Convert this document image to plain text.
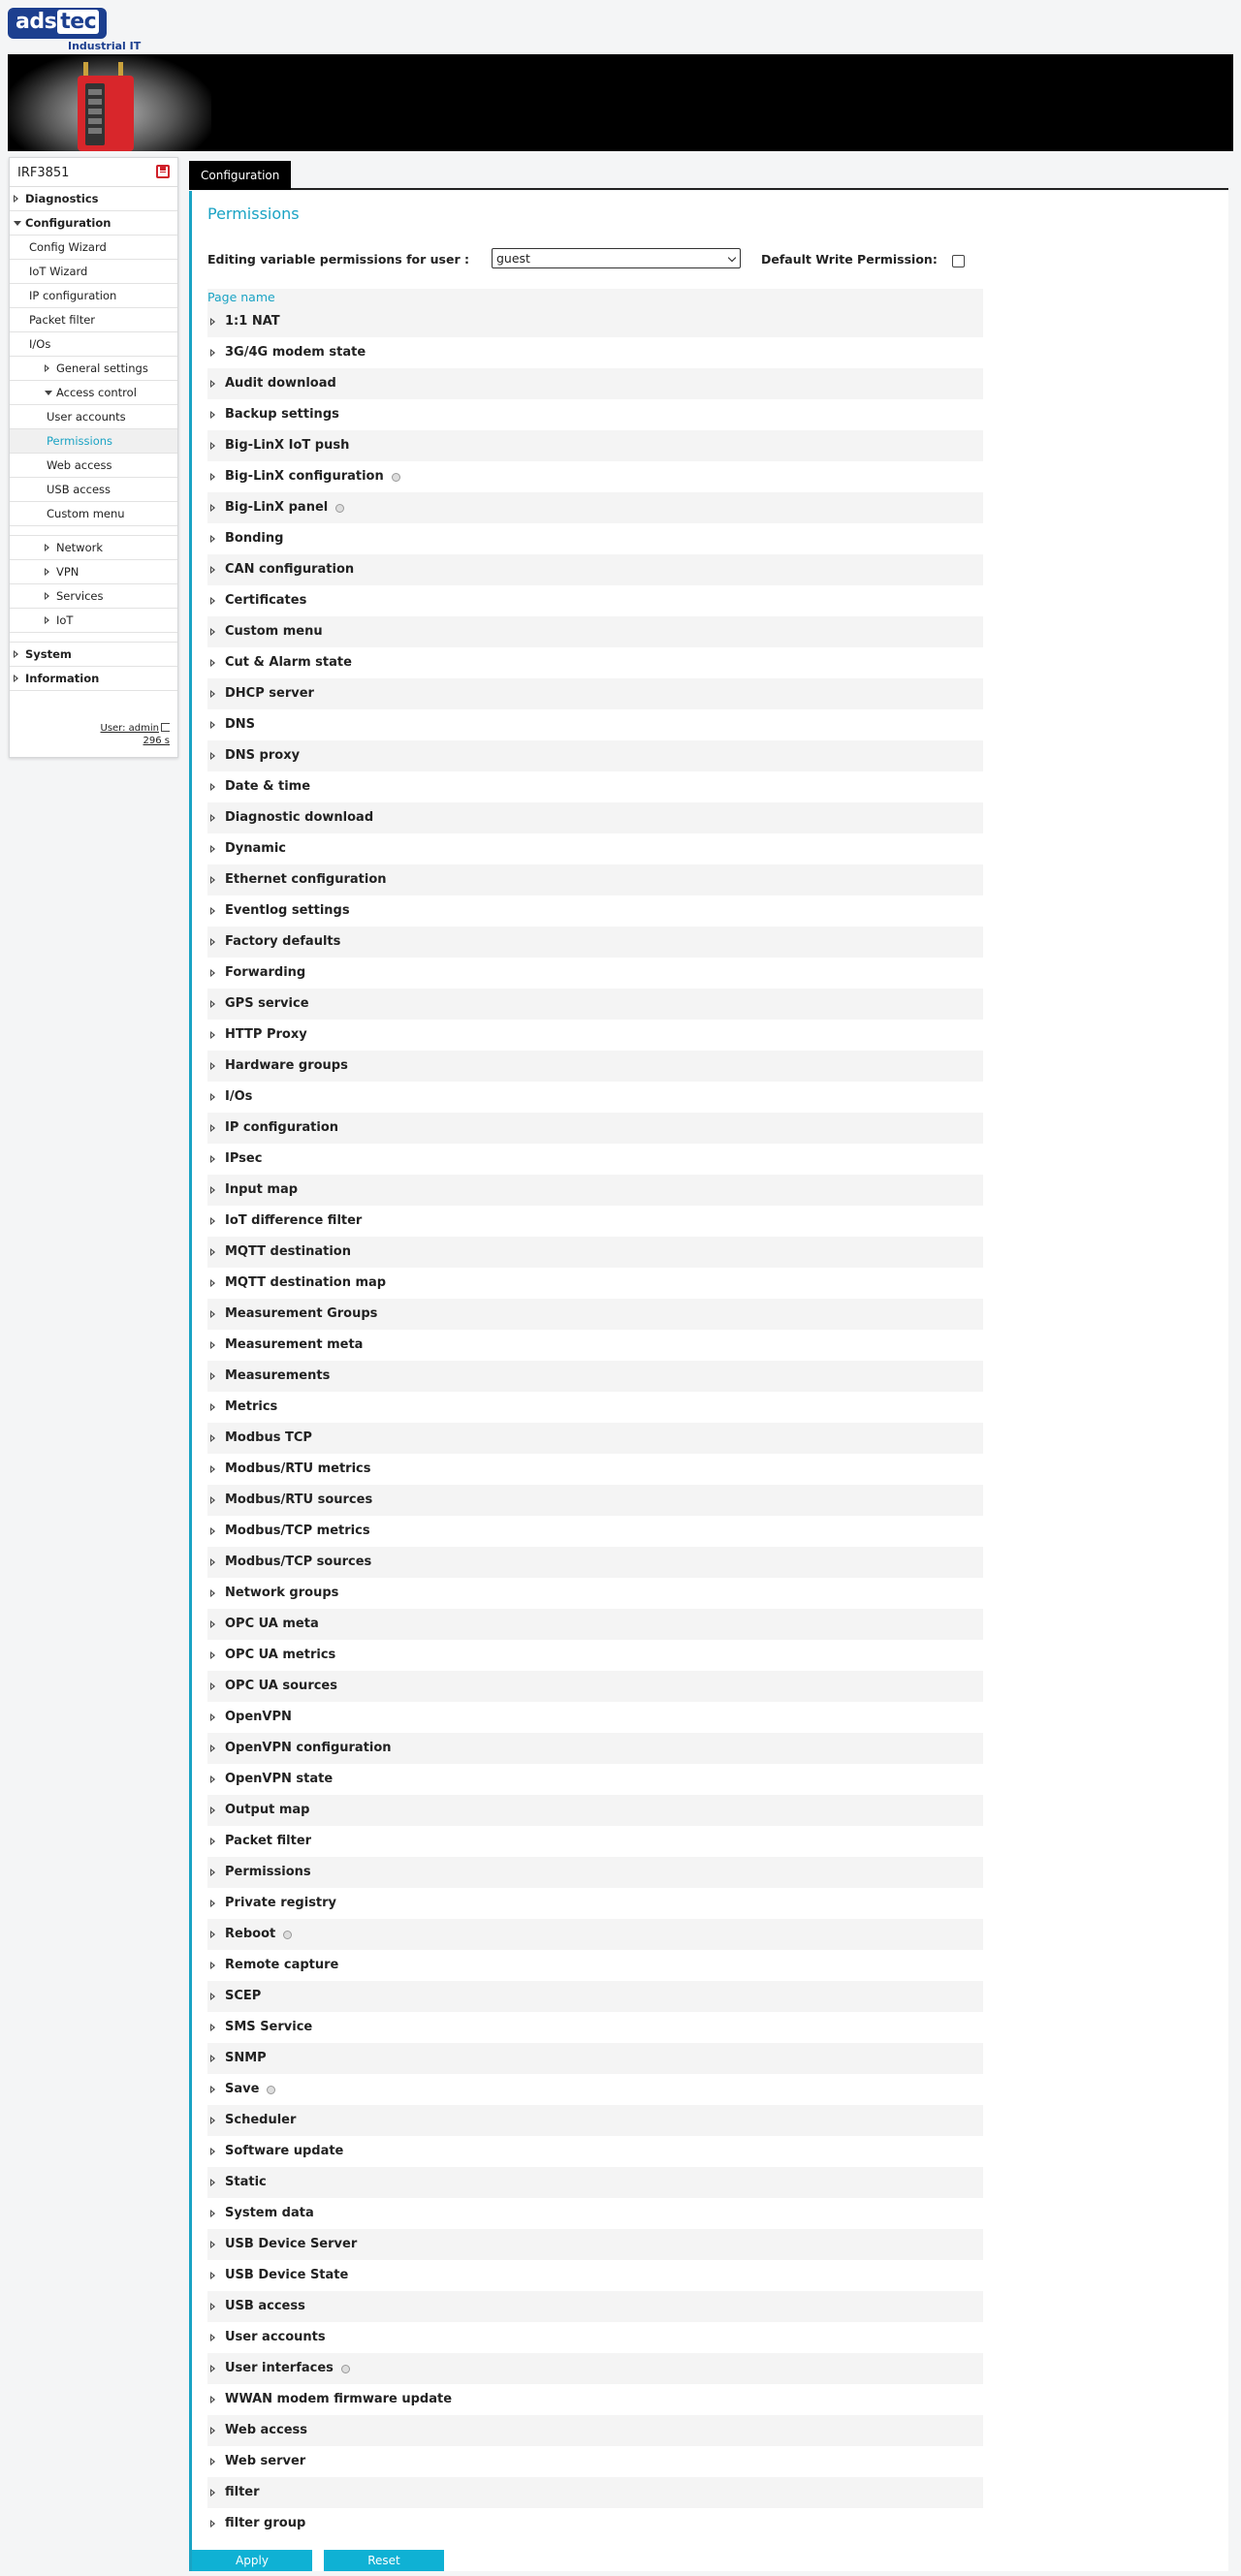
ads tec
Industrial IT
IRF3851
Diagnostics
Configuration
Config Wizard
IoT Wizard
IP configuration
Packet filter
I/Os
General settings
Access control
User accounts
Permissions
Web access
USB access
Custom menu
Network
VPN
Services
IoT
System
Information
User: admin
296 s
Configuration
Permissions
Editing variable permissions for user :	guest	Default Write Permission:
Page name
1:1 NAT
3G/4G modem state
Audit download
Backup settings
Big-LinX IoT push
Big-LinX configuration
Big-LinX panel
Bonding
CAN configuration
Certificates
Custom menu
Cut & Alarm state
DHCP server
DNS
DNS proxy
Date & time
Diagnostic download
Dynamic
Ethernet configuration
Eventlog settings
Factory defaults
Forwarding
GPS service
HTTP Proxy
Hardware groups
I/Os
IP configuration
IPsec
Input map
IoT difference filter
MQTT destination
MQTT destination map
Measurement Groups
Measurement meta
Measurements
Metrics
Modbus TCP
Modbus/RTU metrics
Modbus/RTU sources
Modbus/TCP metrics
Modbus/TCP sources
Network groups
OPC UA meta
OPC UA metrics
OPC UA sources
OpenVPN
OpenVPN configuration
OpenVPN state
Output map
Packet filter
Permissions
Private registry
Reboot
Remote capture
SCEP
SMS Service
SNMP
Save
Scheduler
Software update
Static
System data
USB Device Server
USB Device State
USB access
User accounts
User interfaces
WWAN modem firmware update
Web access
Web server
filter
filter group
Apply	Reset
